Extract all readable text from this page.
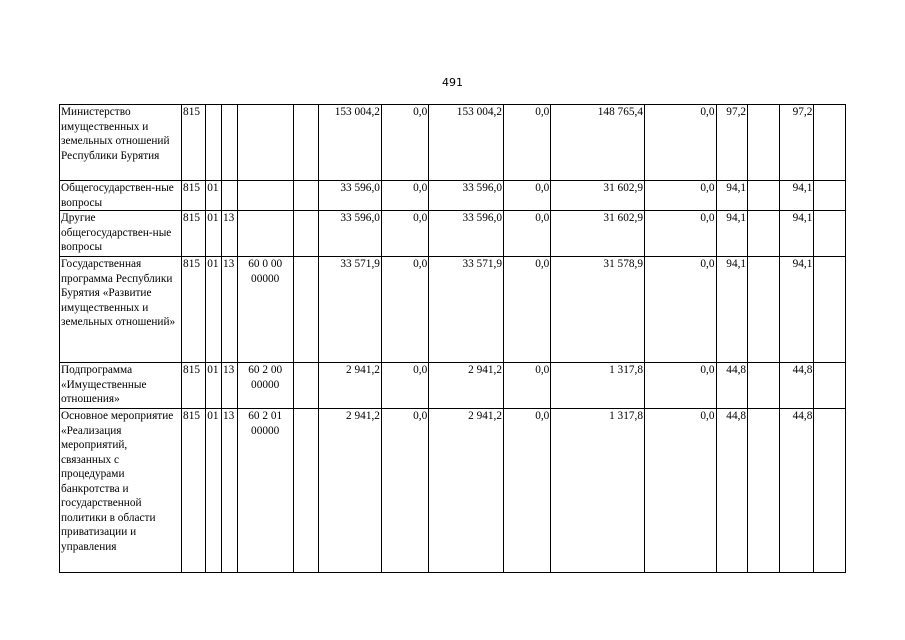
491
Министерство имущественных и земельных отношений Республики Бурятия	815					153 004,2	0,0	153 004,2	0,0	148 765,4	0,0	97,2		97,2	
Общегосударствен-ные вопросы	815	01				33 596,0	0,0	33 596,0	0,0	31 602,9	0,0	94,1		94,1	
Другие общегосударствен-ные вопросы	815	01	13			33 596,0	0,0	33 596,0	0,0	31 602,9	0,0	94,1		94,1	
Государственная программа Республики Бурятия «Развитие имущественных и земельных отношений»	815	01	13	60 0 00 00000		33 571,9	0,0	33 571,9	0,0	31 578,9	0,0	94,1		94,1	
Подпрограмма «Имущественные отношения»	815	01	13	60 2 00 00000		2 941,2	0,0	2 941,2	0,0	1 317,8	0,0	44,8		44,8	
Основное мероприятие «Реализация мероприятий, связанных с процедурами банкротства и государственной политики в области приватизации и управления	815	01	13	60 2 01 00000		2 941,2	0,0	2 941,2	0,0	1 317,8	0,0	44,8		44,8	
